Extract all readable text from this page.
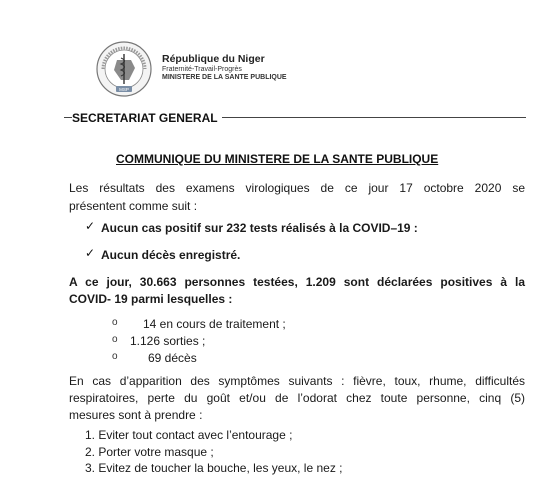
MSP
République du Niger
Fraternité-Travail-Progrès
MINISTERE DE LA SANTE PUBLIQUE
SECRETARIAT GENERAL
COMMUNIQUE DU MINISTERE DE LA SANTE PUBLIQUE
Les résultats des examens virologiques de ce jour 17 octobre 2020 se
présentent comme suit :
✓ Aucun cas positif sur 232 tests réalisés à la COVID–19 :
✓ Aucun décès enregistré.
A ce jour, 30.663 personnes testées, 1.209 sont déclarées positives à la
COVID- 19 parmi lesquelles :
o 14 en cours de traitement ;
o 1.126 sorties ;
o	69 décès
En cas d’apparition des symptômes suivants : fièvre, toux, rhume, difficultés
respiratoires, perte du goût et/ou de l’odorat chez toute personne, cinq (5)
mesures sont à prendre :
1. Eviter tout contact avec l’entourage ;
2. Porter votre masque ;
3. Evitez de toucher la bouche, les yeux, le nez ;
